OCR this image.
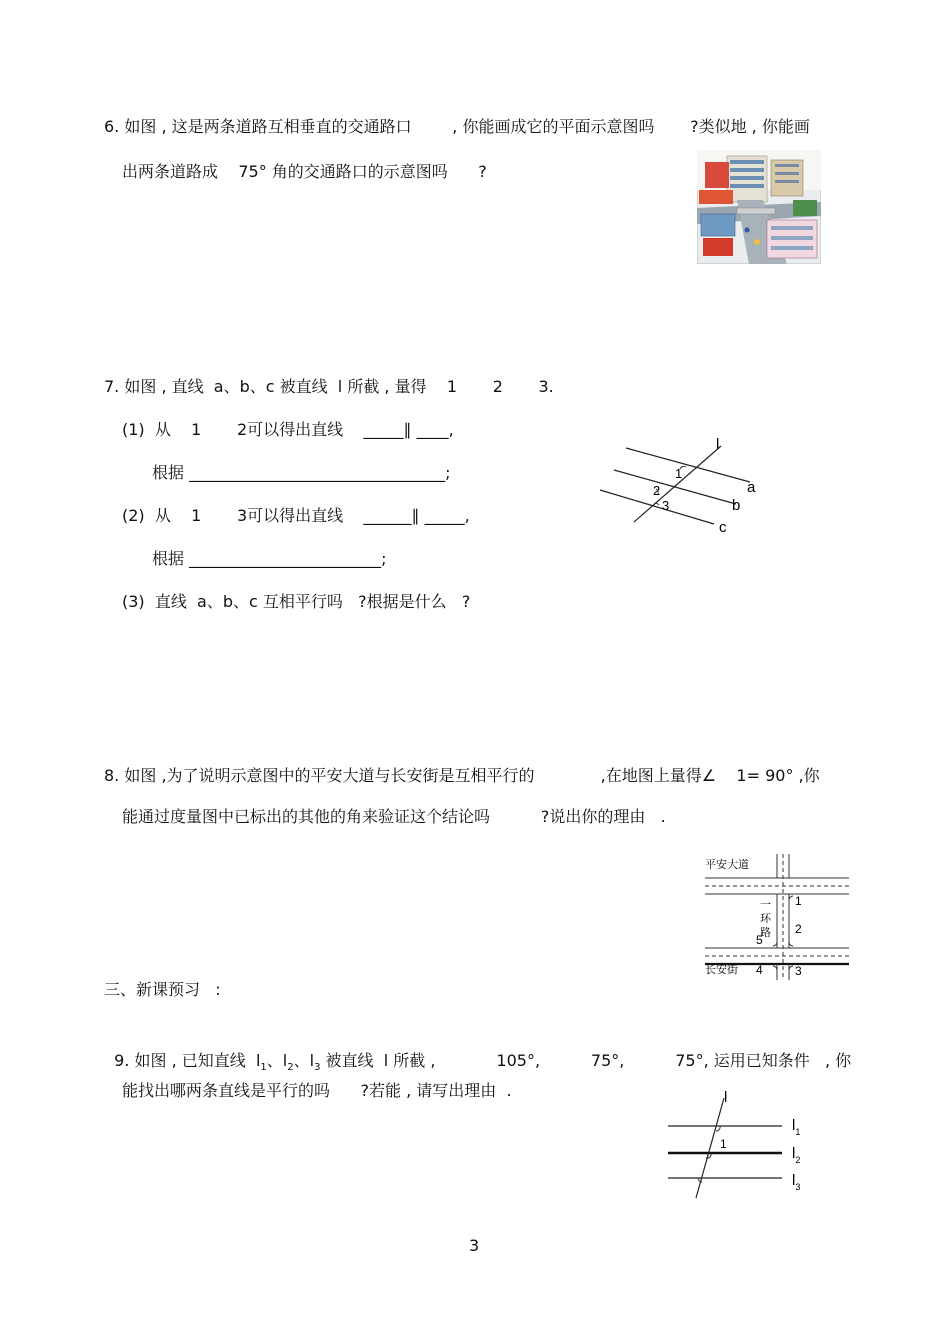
6. 如图 , 这是两条道路互相垂直的交通路口        , 你能画成它的平面示意图吗       ?类似地 , 你能画
出两条道路成    75° 角的交通路口的示意图吗      ?
7. 如图 , 直线  a、b、c 被直线  l 所截 , 量得    1       2       3.
(1)  从    1       2可以得出直线    _____∥ ____,
根据 ________________________________;
(2)  从    1       3可以得出直线    ______∥ _____,
根据 ________________________;
(3)  直线  a、b、c 互相平行吗   ?根据是什么   ?
l
a
b
c
1
2
3
8. 如图 ,为了说明示意图中的平安大道与长安街是互相平行的             ,在地图上量得∠    1= 90° ,你
能通过度量图中已标出的其他的角来验证这个结论吗          ?说出你的理由   .
平安大道
长安街
一
环
路
1
2
3
4
5
三、新课预习   :

9. 如图 , 已知直线  $l_1$、$l_2$、$l_3$ 被直线  l 所截 ,            105°,          75°,          75°, 运用已知条件   , 你

能找出哪两条直线是平行的吗      ?若能 , 请写出理由  .	l
$l_1$
$l_2$
$l_3$
1
3
